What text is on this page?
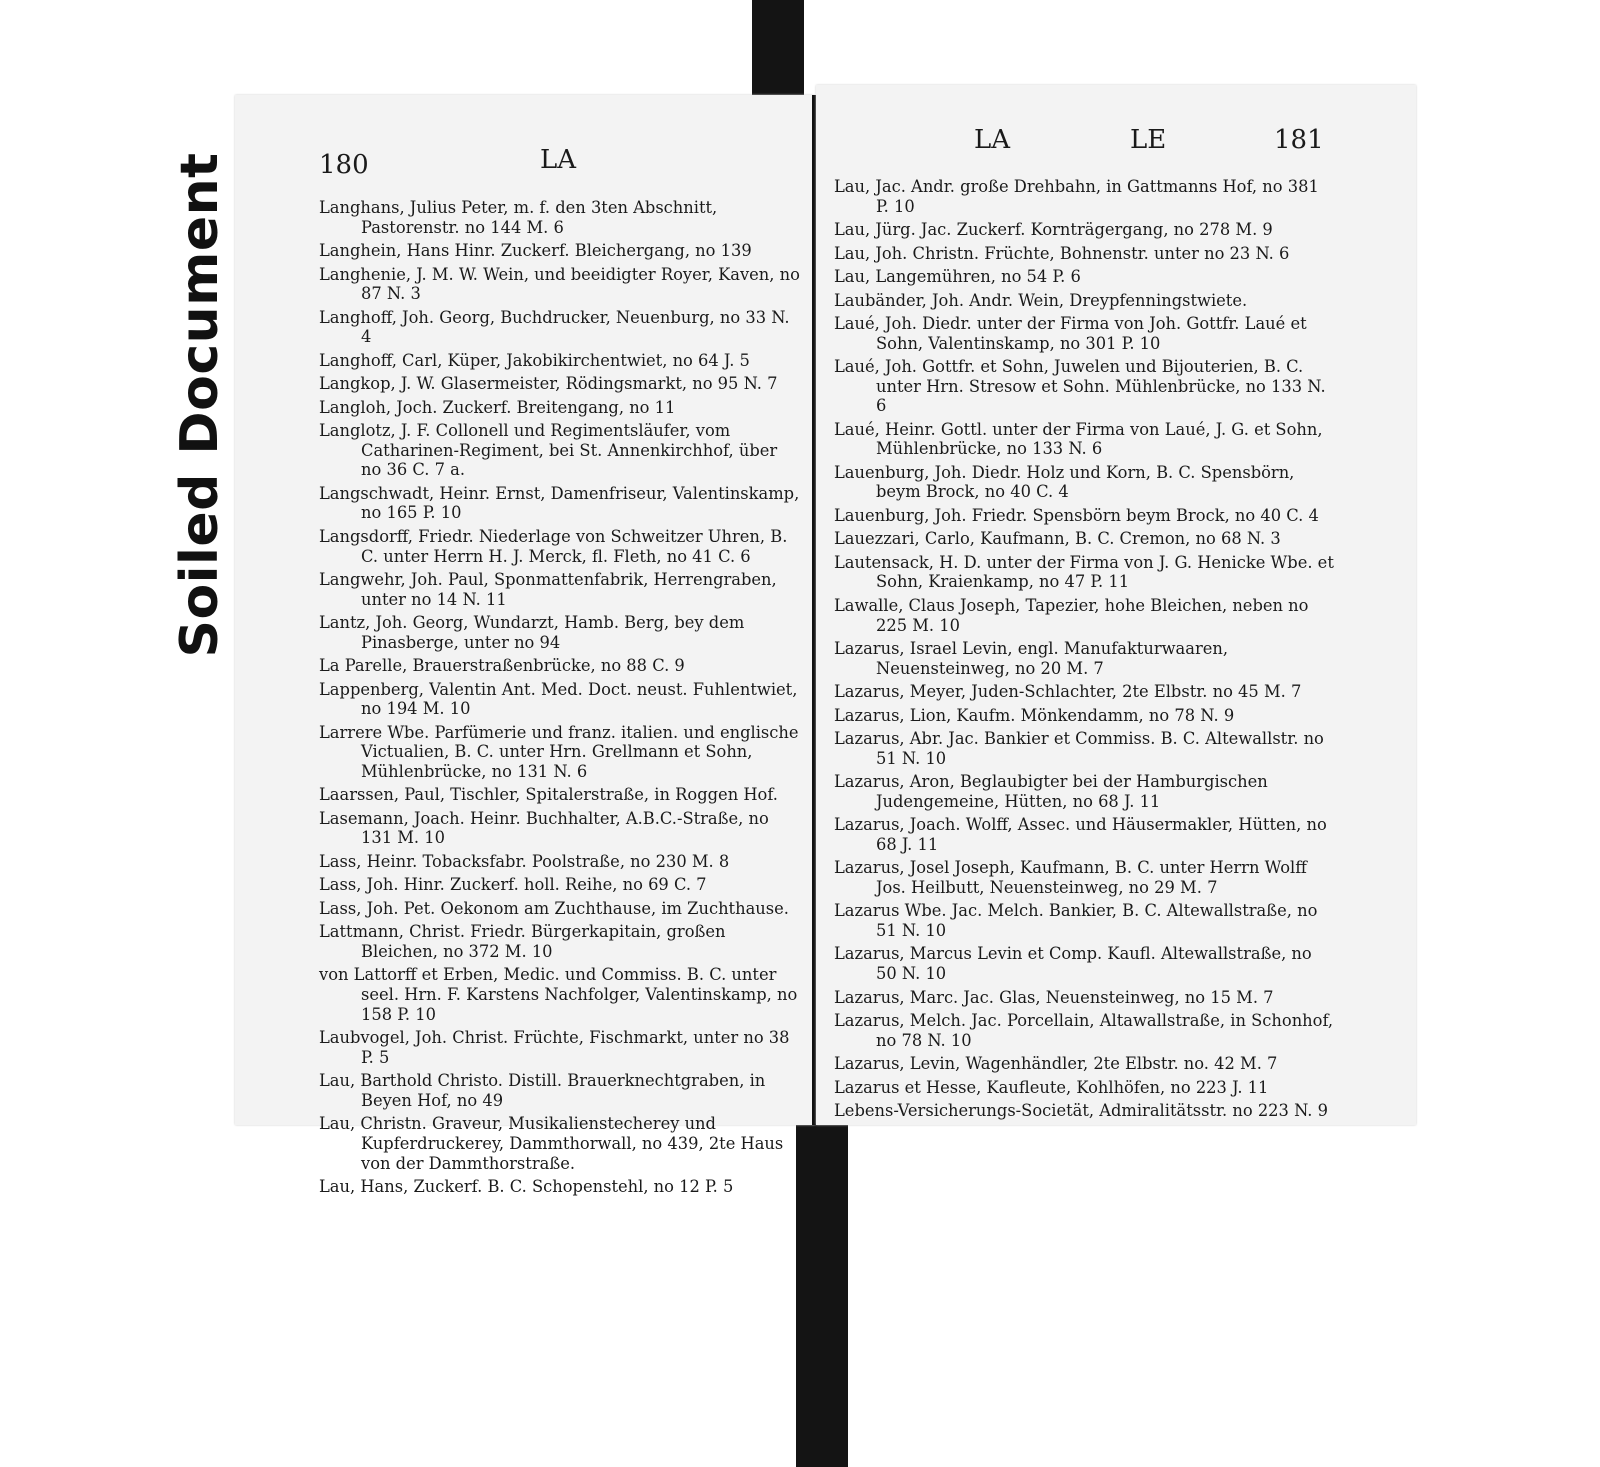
Soiled Document	180	LA
Langhans, Julius Peter, m. f. den 3ten Abschnitt, Pastorenstr. no 144 M. 6
Langhein, Hans Hinr. Zuckerf. Bleichergang, no 139
Langhenie, J. M. W. Wein, und beeidigter Royer, Kaven, no 87 N. 3
Langhoff, Joh. Georg, Buchdrucker, Neuenburg, no 33 N. 4
Langhoff, Carl, Küper, Jakobikirchentwiet, no 64 J. 5
Langkop, J. W. Glasermeister, Rödingsmarkt, no 95 N. 7
Langloh, Joch. Zuckerf. Breitengang, no 11
Langlotz, J. F. Collonell und Regimentsläufer, vom Catharinen-Regiment, bei St. Annenkirchhof, über no 36 C. 7 a.
Langschwadt, Heinr. Ernst, Damenfriseur, Valentinskamp, no 165 P. 10
Langsdorff, Friedr. Niederlage von Schweitzer Uhren, B. C. unter Herrn H. J. Merck, fl. Fleth, no 41 C. 6
Langwehr, Joh. Paul, Sponmattenfabrik, Herrengraben, unter no 14 N. 11
Lantz, Joh. Georg, Wundarzt, Hamb. Berg, bey dem Pinasberge, unter no 94
La Parelle, Brauerstraßenbrücke, no 88 C. 9
Lappenberg, Valentin Ant. Med. Doct. neust. Fuhlentwiet, no 194 M. 10
Larrere Wbe. Parfümerie und franz. italien. und englische Victualien, B. C. unter Hrn. Grellmann et Sohn, Mühlenbrücke, no 131 N. 6
Laarssen, Paul, Tischler, Spitalerstraße, in Roggen Hof.
Lasemann, Joach. Heinr. Buchhalter, A.B.C.-Straße, no 131 M. 10
Lass, Heinr. Tobacksfabr. Poolstraße, no 230 M. 8
Lass, Joh. Hinr. Zuckerf. holl. Reihe, no 69 C. 7
Lass, Joh. Pet. Oekonom am Zuchthause, im Zuchthause.
Lattmann, Christ. Friedr. Bürgerkapitain, großen Bleichen, no 372 M. 10
von Lattorff et Erben, Medic. und Commiss. B. C. unter seel. Hrn. F. Karstens Nachfolger, Valentinskamp, no 158 P. 10
Laubvogel, Joh. Christ. Früchte, Fischmarkt, unter no 38 P. 5
Lau, Barthold Christo. Distill. Brauerknechtgraben, in Beyen Hof, no 49
Lau, Christn. Graveur, Musikalienstecherey und Kupferdruckerey, Dammthorwall, no 439, 2te Haus von der Dammthorstraße.
Lau, Hans, Zuckerf. B. C. Schopenstehl, no 12 P. 5
LA	LE	181
Lau, Jac. Andr. große Drehbahn, in Gattmanns Hof, no 381 P. 10
Lau, Jürg. Jac. Zuckerf. Kornträgergang, no 278 M. 9
Lau, Joh. Christn. Früchte, Bohnenstr. unter no 23 N. 6
Lau, Langemühren, no 54 P. 6
Laubänder, Joh. Andr. Wein, Dreypfenningstwiete.
Laué, Joh. Diedr. unter der Firma von Joh. Gottfr. Laué et Sohn, Valentinskamp, no 301 P. 10
Laué, Joh. Gottfr. et Sohn, Juwelen und Bijouterien, B. C. unter Hrn. Stresow et Sohn. Mühlenbrücke, no 133 N. 6
Laué, Heinr. Gottl. unter der Firma von Laué, J. G. et Sohn, Mühlenbrücke, no 133 N. 6
Lauenburg, Joh. Diedr. Holz und Korn, B. C. Spensbörn, beym Brock, no 40 C. 4
Lauenburg, Joh. Friedr. Spensbörn beym Brock, no 40 C. 4
Lauezzari, Carlo, Kaufmann, B. C. Cremon, no 68 N. 3
Lautensack, H. D. unter der Firma von J. G. Henicke Wbe. et Sohn, Kraienkamp, no 47 P. 11
Lawalle, Claus Joseph, Tapezier, hohe Bleichen, neben no 225 M. 10
Lazarus, Israel Levin, engl. Manufakturwaaren, Neuensteinweg, no 20 M. 7
Lazarus, Meyer, Juden-Schlachter, 2te Elbstr. no 45 M. 7
Lazarus, Lion, Kaufm. Mönkendamm, no 78 N. 9
Lazarus, Abr. Jac. Bankier et Commiss. B. C. Altewallstr. no 51 N. 10
Lazarus, Aron, Beglaubigter bei der Hamburgischen Judengemeine, Hütten, no 68 J. 11
Lazarus, Joach. Wolff, Assec. und Häusermakler, Hütten, no 68 J. 11
Lazarus, Josel Joseph, Kaufmann, B. C. unter Herrn Wolff Jos. Heilbutt, Neuensteinweg, no 29 M. 7
Lazarus Wbe. Jac. Melch. Bankier, B. C. Altewallstraße, no 51 N. 10
Lazarus, Marcus Levin et Comp. Kaufl. Altewallstraße, no 50 N. 10
Lazarus, Marc. Jac. Glas, Neuensteinweg, no 15 M. 7
Lazarus, Melch. Jac. Porcellain, Altawallstraße, in Schonhof, no 78 N. 10
Lazarus, Levin, Wagenhändler, 2te Elbstr. no. 42 M. 7
Lazarus et Hesse, Kaufleute, Kohlhöfen, no 223 J. 11
Lebens-Versicherungs-Societät, Admiralitätsstr. no 223 N. 9
